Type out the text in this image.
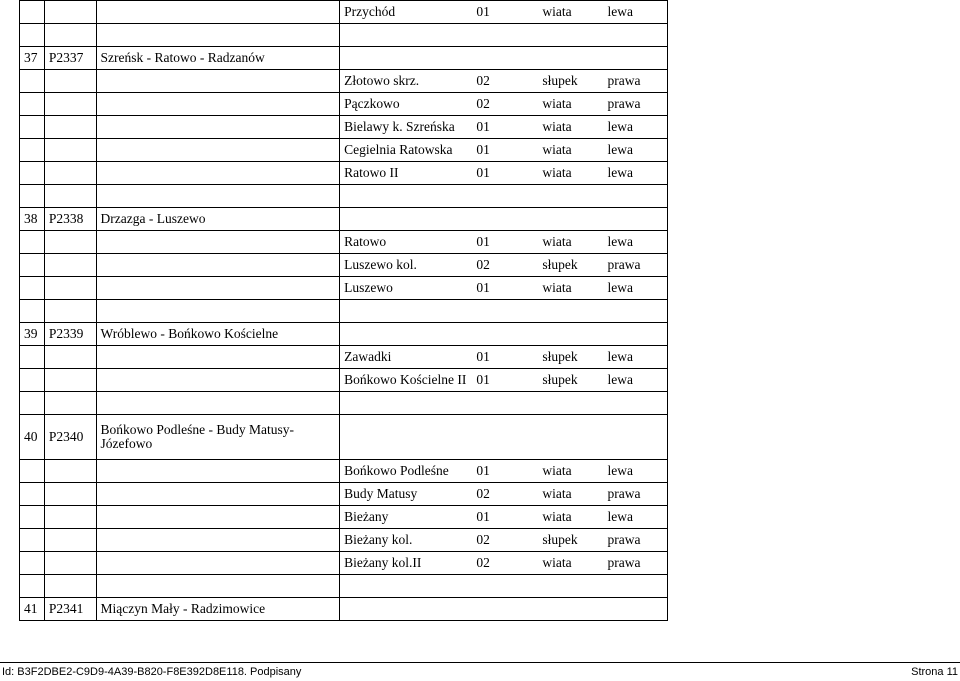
			Przychód	01	wiata	lewa	

37	P2337	Szreńsk - Ratowo - Radzanów					
			Złotowo skrz.	02	słupek	prawa	
			Pączkowo	02	wiata	prawa	
			Bielawy k. Szreńska	01	wiata	lewa	
			Cegielnia Ratowska	01	wiata	lewa	
			Ratowo II	01	wiata	lewa	

38	P2338	Drzazga - Luszewo					
			Ratowo	01	wiata	lewa	
			Luszewo kol.	02	słupek	prawa	
			Luszewo	01	wiata	lewa	

39	P2339	Wróblewo - Bońkowo Kościelne					
			Zawadki	01	słupek	lewa	
			Bońkowo Kościelne II	01	słupek	lewa	

40	P2340	Bońkowo Podleśne - Budy Matusy-Józefowo					
			Bońkowo Podleśne	01	wiata	lewa	
			Budy Matusy	02	wiata	prawa	
			Bieżany	01	wiata	lewa	
			Bieżany kol.	02	słupek	prawa	
			Bieżany kol.II	02	wiata	prawa	

41	P2341	Miączyn Mały - Radzimowice					
Id: B3F2DBE2-C9D9-4A39-B820-F8E392D8E118. Podpisany	Strona 11
